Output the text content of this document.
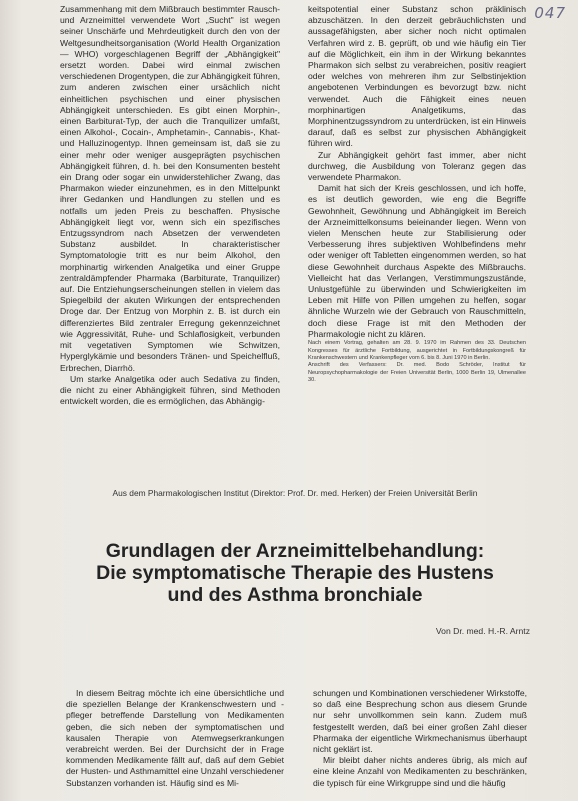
047

Zusammenhang mit dem Mißbrauch bestimmter Rausch- und Arzneimittel verwendete Wort „Sucht" ist wegen seiner Unschärfe und Mehrdeutigkeit durch den von der Weltgesundheitsorganisation (World Health Organization — WHO) vorgeschlagenen Begriff der „Abhängigkeit" ersetzt worden. Dabei wird einmal zwischen verschiedenen Drogentypen, die zur Abhängigkeit führen, zum anderen zwischen einer ursächlich nicht einheitlichen psychischen und einer physischen Abhängigkeit unterschieden. Es gibt einen Morphin-, einen Barbiturat-Typ, der auch die Tranquilizer umfaßt, einen Alkohol-, Cocain-, Amphetamin-, Cannabis-, Khat- und Halluzinogentyp. Ihnen gemeinsam ist, daß sie zu einer mehr oder weniger ausgeprägten psychischen Abhängigkeit führen, d. h. bei den Konsumenten besteht ein Drang oder sogar ein unwiderstehlicher Zwang, das Pharmakon wieder einzunehmen, es in den Mittelpunkt ihrer Gedanken und Handlungen zu stellen und es notfalls um jeden Preis zu beschaffen. Physische Abhängigkeit liegt vor, wenn sich ein spezifisches Entzugssyndrom nach Absetzen der verwendeten Substanz ausbildet. In charakteristischer Symptomatologie tritt es nur beim Alkohol, den morphinartig wirkenden Analgetika und einer Gruppe zentraldämpfender Pharmaka (Barbiturate, Tranquilizer) auf. Die Entziehungserscheinungen stellen in vielem das Spiegelbild der akuten Wirkungen der entsprechenden Droge dar. Der Entzug von Morphin z. B. ist durch ein differenziertes Bild zentraler Erregung gekennzeichnet wie Aggressivität, Ruhe- und Schlaflosigkeit, verbunden mit vegetativen Symptomen wie Schwitzen, Hyperglykämie und besonders Tränen- und Speichelfluß, Erbrechen, Diarrhö.

Um starke Analgetika oder auch Sedativa zu finden, die nicht zu einer Abhängigkeit führen, sind Methoden entwickelt worden, die es ermöglichen, das Abhängig-

keitspotential einer Substanz schon präklinisch abzuschätzen. In den derzeit gebräuchlichsten und aussagefähigsten, aber sicher noch nicht optimalen Verfahren wird z. B. geprüft, ob und wie häufig ein Tier auf die Möglichkeit, ein ihm in der Wirkung bekanntes Pharmakon sich selbst zu verabreichen, positiv reagiert oder welches von mehreren ihm zur Selbstinjektion angebotenen Verbindungen es bevorzugt bzw. nicht verwendet. Auch die Fähigkeit eines neuen morphinartigen Analgetikums, das Morphinentzugssyndrom zu unterdrücken, ist ein Hinweis darauf, daß es selbst zur physischen Abhängigkeit führen wird.

Zur Abhängigkeit gehört fast immer, aber nicht durchweg, die Ausbildung von Toleranz gegen das verwendete Pharmakon.

Damit hat sich der Kreis geschlossen, und ich hoffe, es ist deutlich geworden, wie eng die Begriffe Gewohnheit, Gewöhnung und Abhängigkeit im Bereich der Arzneimittelkonsums beieinander liegen. Wenn von vielen Menschen heute zur Stabilisierung oder Verbesserung ihres subjektiven Wohlbefindens mehr oder weniger oft Tabletten eingenommen werden, so hat diese Gewohnheit durchaus Aspekte des Mißbrauchs. Vielleicht hat das Verlangen, Verstimmungszustände, Unlustgefühle zu überwinden und Schwierigkeiten im Leben mit Hilfe von Pillen umgehen zu helfen, sogar ähnliche Wurzeln wie der Gebrauch von Rauschmitteln, doch diese Frage ist mit den Methoden der Pharmakologie nicht zu klären.

Nach einem Vortrag, gehalten am 28. 9. 1970 im Rahmen des 33. Deutschen Kongresses für ärztliche Fortbildung, ausgerichtet in Fortbildungskongreß für Krankenschwestern und Krankenpfleger vom 6. bis 8. Juni 1970 in Berlin.

Anschrift des Verfassers: Dr. med. Bodo Schröder, Institut für Neuropsychopharmakologie der Freien Universität Berlin, 1000 Berlin 19, Ulmenallee 30.

Aus dem Pharmakologischen Institut (Direktor: Prof. Dr. med. Herken) der Freien Universität Berlin
Grundlagen der Arzneimittelbehandlung:
Die symptomatische Therapie des Hustens
und des Asthma bronchiale
Von Dr. med. H.-R. Arntz

In diesem Beitrag möchte ich eine übersichtliche und die speziellen Belange der Krankenschwestern und -pfleger betreffende Darstellung von Medikamenten geben, die sich neben der symptomatischen und kausalen Therapie von Atemwegserkrankungen verabreicht werden. Bei der Durchsicht der in Frage kommenden Medikamente fällt auf, daß auf dem Gebiet der Husten- und Asthmamittel eine Unzahl verschiedener Substanzen vorhanden ist. Häufig sind es Mi-

schungen und Kombinationen verschiedener Wirkstoffe, so daß eine Besprechung schon aus diesem Grunde nur sehr unvollkommen sein kann. Zudem muß festgestellt werden, daß bei einer großen Zahl dieser Pharmaka der eigentliche Wirkmechanismus überhaupt nicht geklärt ist.

Mir bleibt daher nichts anderes übrig, als mich auf eine kleine Anzahl von Medikamenten zu beschränken, die typisch für eine Wirkgruppe sind und die häufig
